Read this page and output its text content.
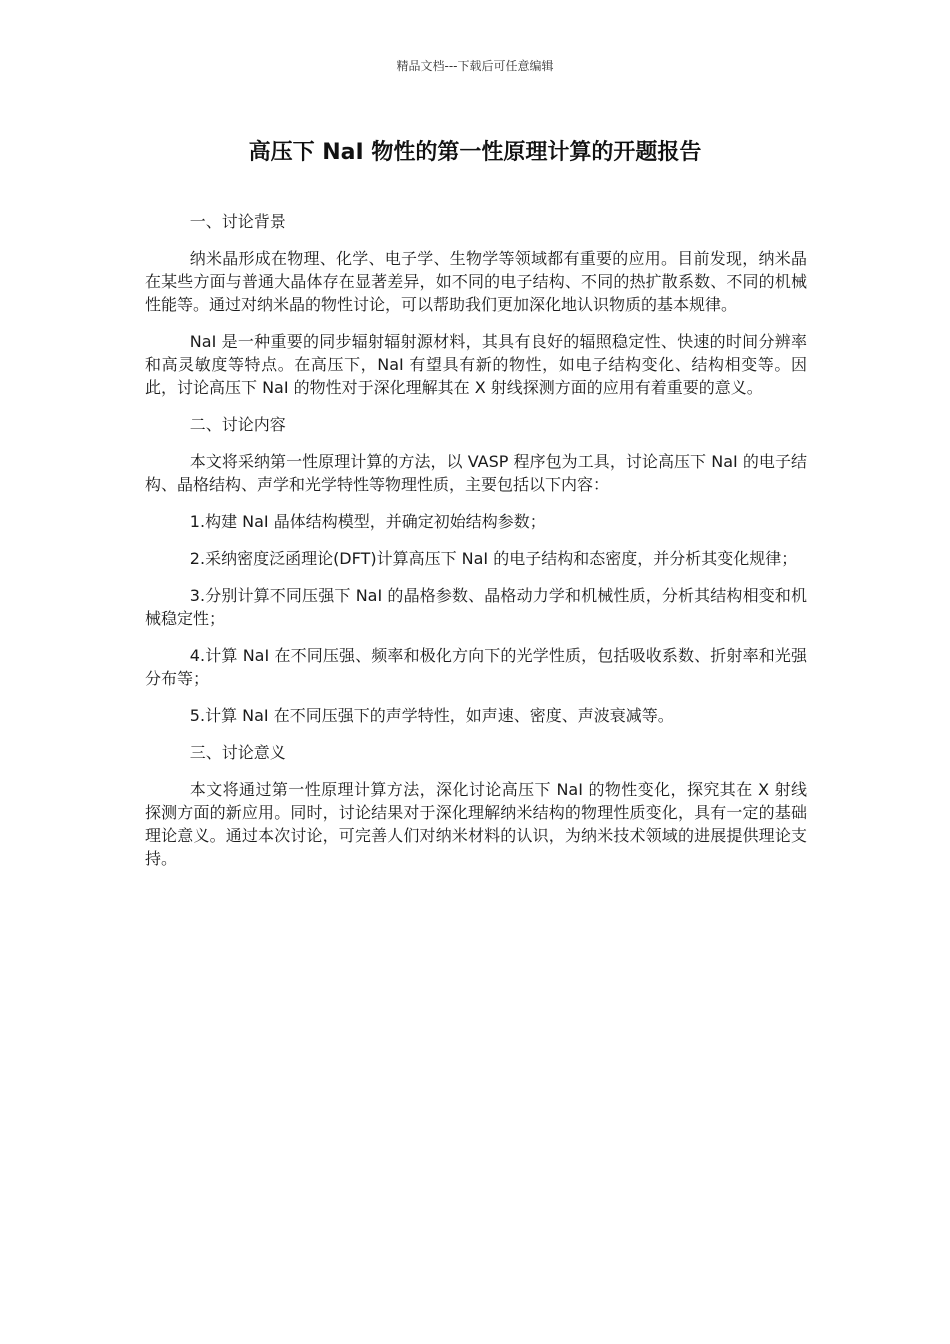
精品文档---下载后可任意编辑
高压下 NaI 物性的第一性原理计算的开题报告

一、讨论背景

纳米晶形成在物理、化学、电子学、生物学等领域都有重要的应用。目前发现，纳米晶在某些方面与普通大晶体存在显著差异，如不同的电子结构、不同的热扩散系数、不同的机械性能等。通过对纳米晶的物性讨论，可以帮助我们更加深化地认识物质的基本规律。

NaI 是一种重要的同步辐射辐射源材料，其具有良好的辐照稳定性、快速的时间分辨率和高灵敏度等特点。在高压下，NaI 有望具有新的物性，如电子结构变化、结构相变等。因此，讨论高压下 NaI 的物性对于深化理解其在 X 射线探测方面的应用有着重要的意义。

二、讨论内容

本文将采纳第一性原理计算的方法，以 VASP 程序包为工具，讨论高压下 NaI 的电子结构、晶格结构、声学和光学特性等物理性质，主要包括以下内容：

1.构建 NaI 晶体结构模型，并确定初始结构参数；

2.采纳密度泛函理论(DFT)计算高压下 NaI 的电子结构和态密度，并分析其变化规律；

3.分别计算不同压强下 NaI 的晶格参数、晶格动力学和机械性质，分析其结构相变和机械稳定性；

4.计算 NaI 在不同压强、频率和极化方向下的光学性质，包括吸收系数、折射率和光强分布等；

5.计算 NaI 在不同压强下的声学特性，如声速、密度、声波衰减等。

三、讨论意义

本文将通过第一性原理计算方法，深化讨论高压下 NaI 的物性变化，探究其在 X 射线探测方面的新应用。同时，讨论结果对于深化理解纳米结构的物理性质变化，具有一定的基础理论意义。通过本次讨论，可完善人们对纳米材料的认识，为纳米技术领域的进展提供理论支持。
